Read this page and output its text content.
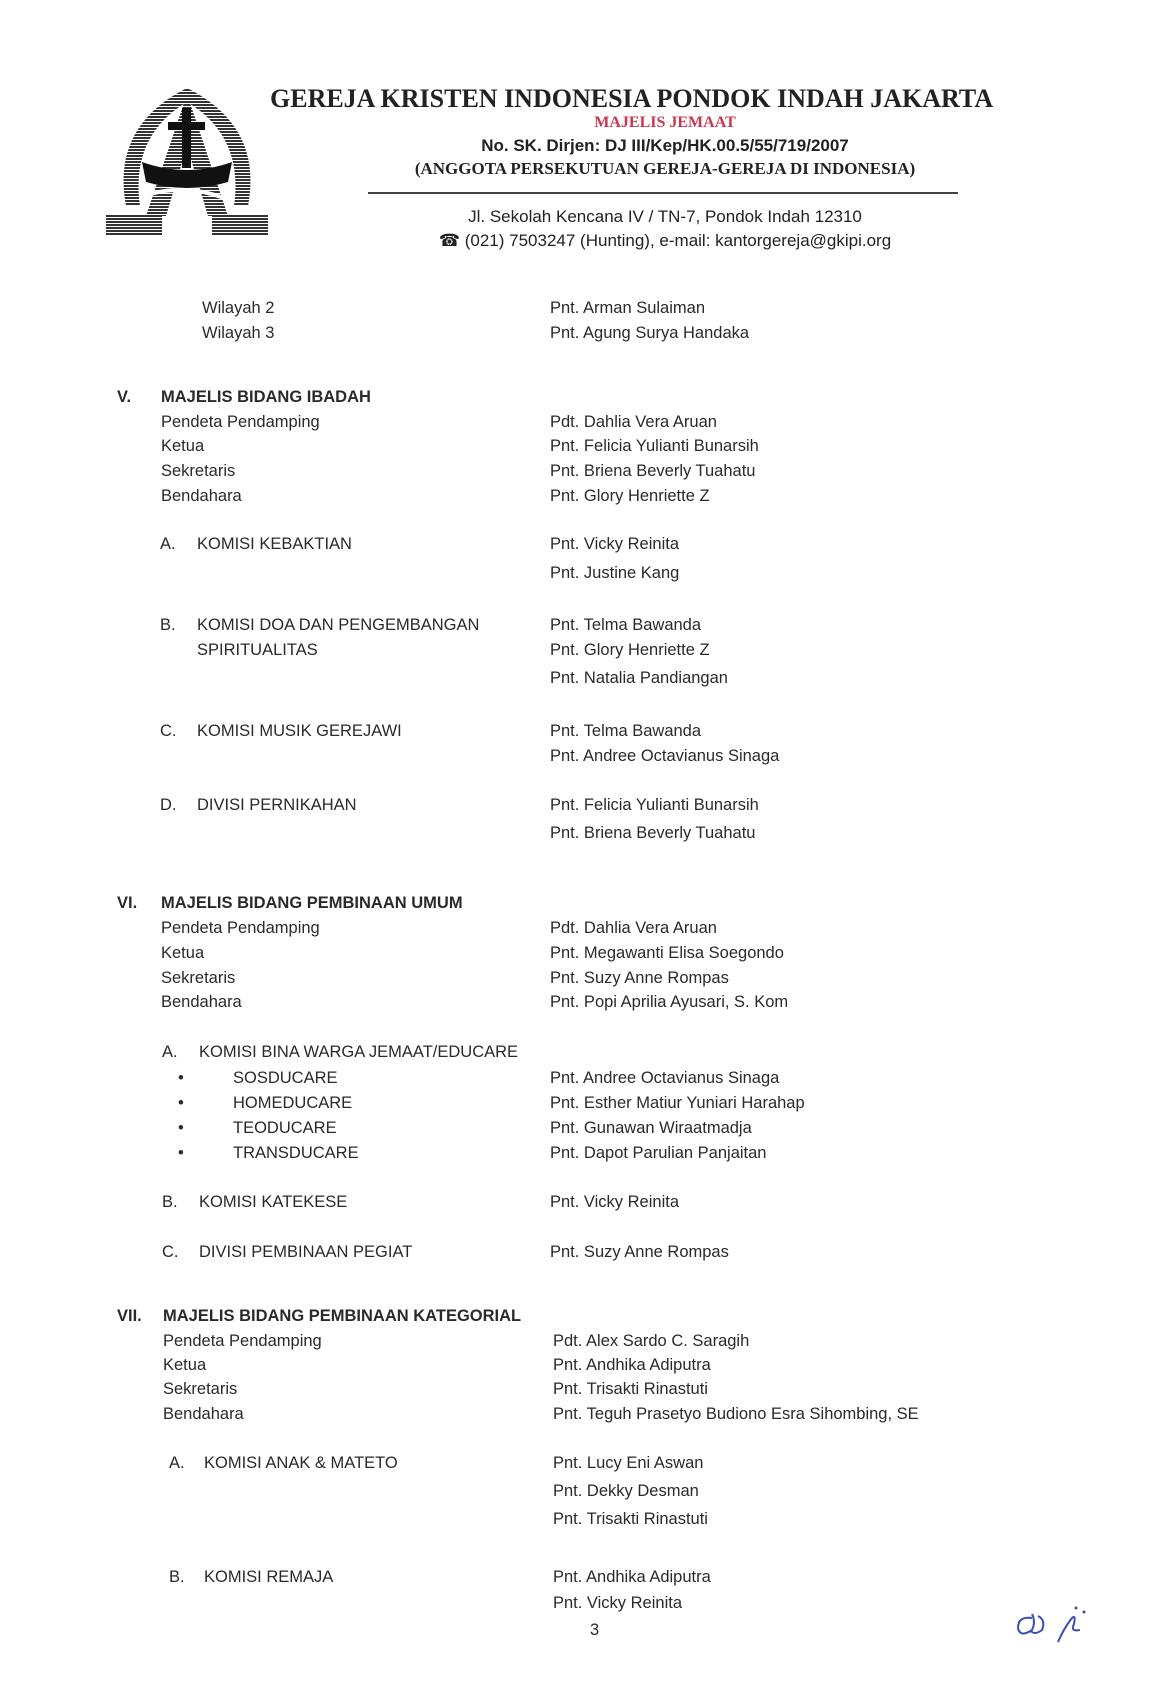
GEREJA KRISTEN INDONESIA PONDOK INDAH JAKARTA
MAJELIS JEMAAT
No. SK. Dirjen: DJ III/Kep/HK.00.5/55/719/2007
(ANGGOTA PERSEKUTUAN GEREJA-GEREJA DI INDONESIA)
Jl. Sekolah Kencana IV / TN-7, Pondok Indah 12310
☎ (021) 7503247 (Hunting), e-mail: kantorgereja@gkipi.org
Wilayah 2	Pnt. Arman Sulaiman
Wilayah 3	Pnt. Agung Surya Handaka
V. MAJELIS BIDANG IBADAH
Pendeta Pendamping	Pdt. Dahlia Vera Aruan
Ketua	Pnt. Felicia Yulianti Bunarsih
Sekretaris	Pnt. Briena Beverly Tuahatu
Bendahara	Pnt. Glory Henriette Z
A. KOMISI KEBAKTIAN	Pnt. Vicky Reinita
Pnt. Justine Kang
B. KOMISI DOA DAN PENGEMBANGAN
SPIRITUALITAS
Pnt. Telma Bawanda
Pnt. Glory Henriette Z
Pnt. Natalia Pandiangan
C. KOMISI MUSIK GEREJAWI	Pnt. Telma Bawanda
Pnt. Andree Octavianus Sinaga
D. DIVISI PERNIKAHAN	Pnt. Felicia Yulianti Bunarsih
Pnt. Briena Beverly Tuahatu
VI. MAJELIS BIDANG PEMBINAAN UMUM
Pendeta Pendamping	Pdt. Dahlia Vera Aruan
Ketua	Pnt. Megawanti Elisa Soegondo
Sekretaris	Pnt. Suzy Anne Rompas
Bendahara	Pnt. Popi Aprilia Ayusari, S. Kom
A. KOMISI BINA WARGA JEMAAT/EDUCARE
•	SOSDUCARE	Pnt. Andree Octavianus Sinaga
•	HOMEDUCARE	Pnt. Esther Matiur Yuniari Harahap
•	TEODUCARE	Pnt. Gunawan Wiraatmadja
•	TRANSDUCARE	Pnt. Dapot Parulian Panjaitan
B. KOMISI KATEKESE	Pnt. Vicky Reinita
C. DIVISI PEMBINAAN PEGIAT	Pnt. Suzy Anne Rompas
VII. MAJELIS BIDANG PEMBINAAN KATEGORIAL
Pendeta Pendamping	Pdt. Alex Sardo C. Saragih
Ketua	Pnt. Andhika Adiputra
Sekretaris	Pnt. Trisakti Rinastuti
Bendahara	Pnt. Teguh Prasetyo Budiono Esra Sihombing, SE
A. KOMISI ANAK & MATETO	Pnt. Lucy Eni Aswan
Pnt. Dekky Desman
Pnt. Trisakti Rinastuti
B. KOMISI REMAJA	Pnt. Andhika Adiputra
Pnt. Vicky Reinita
3
